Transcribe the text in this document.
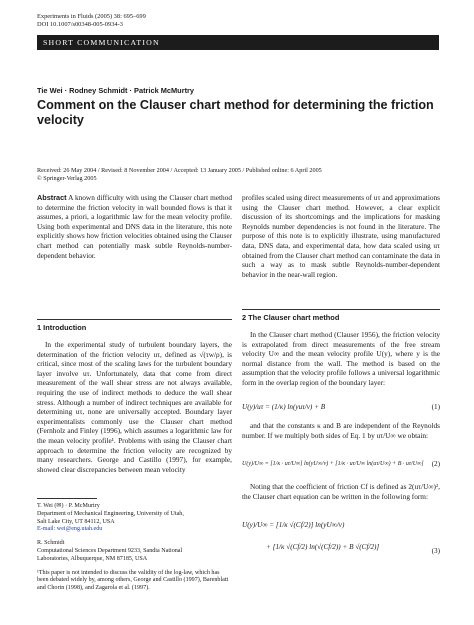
Experiments in Fluids (2005) 38: 695–699
DOI 10.1007/s00348-005-0934-3
SHORT COMMUNICATION
Tie Wei · Rodney Schmidt · Patrick McMurtry
Comment on the Clauser chart method for determining the friction velocity
Received: 26 May 2004 / Revised: 8 November 2004 / Accepted: 13 January 2005 / Published online: 6 April 2005
© Springer-Verlag 2005
Abstract A known difficulty with using the Clauser chart method to determine the friction velocity in wall bounded flows is that it assumes, a priori, a logarithmic law for the mean velocity profile. Using both experimental and DNS data in the literature, this note explicitly shows how friction velocities obtained using the Clauser chart method can potentially mask subtle Reynolds-number-dependent behavior.
profiles scaled using direct measurements of uτ and approximations using the Clauser chart method. However, a clear explicit discussion of its shortcomings and the implications for masking Reynolds number dependencies is not found in the literature. The purpose of this note is to explicitly illustrate, using manufactured data, DNS data, and experimental data, how data scaled using uτ obtained from the Clauser chart method can contaminate the data in such a way as to mask subtle Reynolds-number-dependent behavior in the near-wall region.
1 Introduction

In the experimental study of turbulent boundary layers, the determination of the friction velocity uτ, defined as √(τw/ρ), is critical, since most of the scaling laws for the turbulent boundary layer involve uτ. Unfortunately, data that come from direct measurement of the wall shear stress are not always available, requiring the use of indirect methods to deduce the wall shear stress. Although a number of indirect techniques are available for determining uτ, none are universally accepted. Boundary layer experimentalists commonly use the Clauser chart method (Fernholz and Finley (1996), which assumes a logarithmic law for the mean velocity profile¹. Problems with using the Clauser chart approach to determine the friction velocity are recognized by many researchers. George and Castillo (1997), for example, showed clear discrepancies between mean velocity

2 The Clauser chart method

In the Clauser chart method (Clauser 1956), the friction velocity is extrapolated from direct measurements of the free stream velocity U∞ and the mean velocity profile U(y), where y is the normal distance from the wall. The method is based on the assumption that the velocity profile follows a universal logarithmic form in the overlap region of the boundary layer:

U(y)/uτ = (1/κ) ln(yuτ/ν) + B	(1)

and that the constants κ and B are independent of the Reynolds number. If we multiply both sides of Eq. 1 by uτ/U∞ we obtain:

U(y)/U∞ = [1/κ · uτ/U∞] ln(yU∞/ν) + [1/κ · uτ/U∞ ln(uτ/U∞) + B · uτ/U∞] (2)

Noting that the coefficient of friction Cf is defined as 2(uτ/U∞)², the Clauser chart equation can be written in the following form:

U(y)/U∞ = [1/κ √(Cf/2)] ln(yU∞/ν)
+ [1/κ √(Cf/2) ln(√(Cf/2)) + B √(Cf/2)]	(3)

T. Wei (✉) · P. McMurtry

Department of Mechanical Engineering, University of Utah,

Salt Lake City, UT 84112, USA

E-mail: wei@eng.utah.edu

R. Schmidt

Computational Sciences Department 9233, Sandia National

Laboratories, Albuquerque, NM 87185, USA

¹This paper is not intended to discuss the validity of the log-law, which has been debated widely by, among others, George and Castillo (1997), Barenblatt and Chorin (1998), and Zagarola et al. (1997).
